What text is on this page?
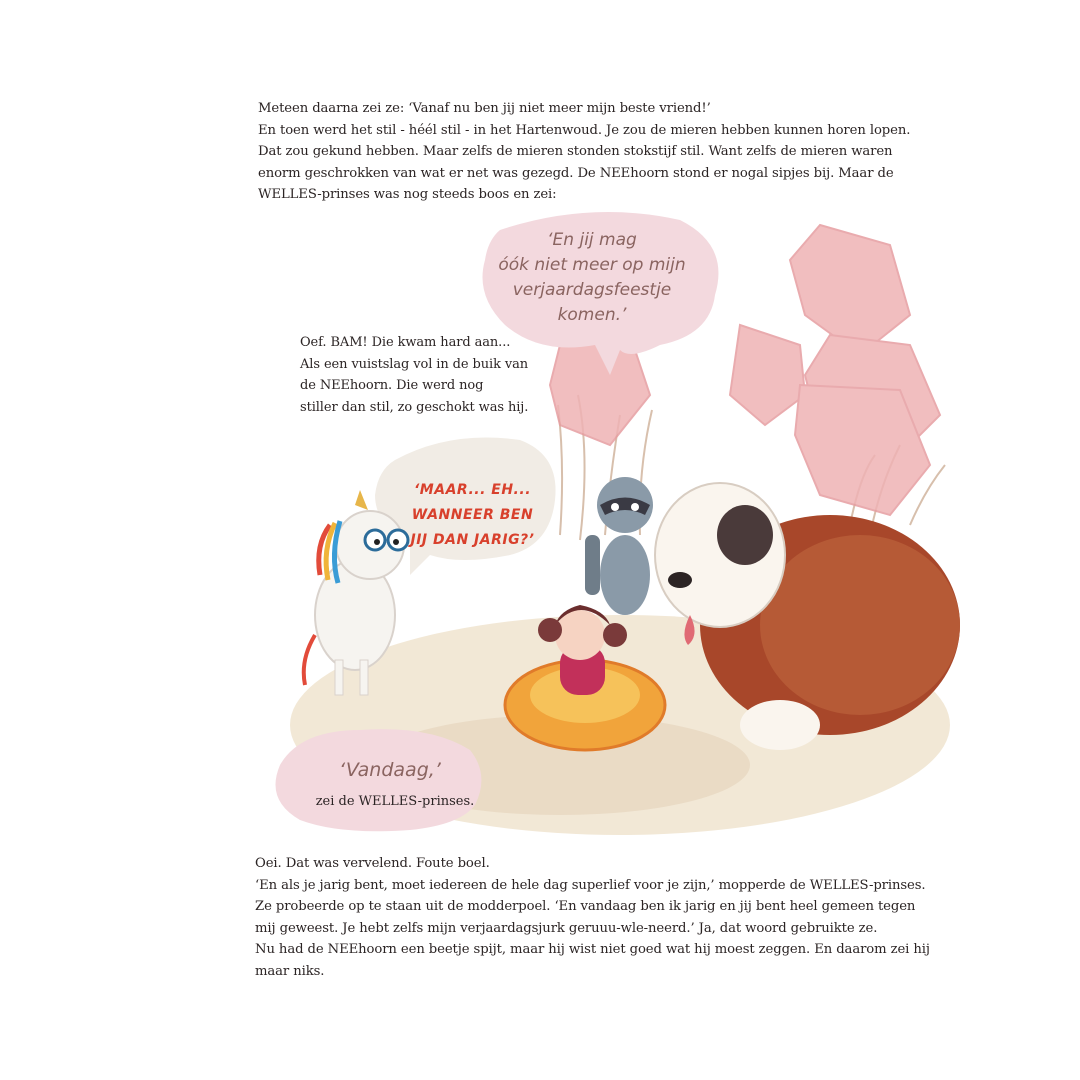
Meteen daarna zei ze: ‘Vanaf nu ben jij niet meer mijn beste vriend!’
En toen werd het stil - héél stil - in het Hartenwoud. Je zou de mieren hebben kunnen horen lopen.
Dat zou gekund hebben. Maar zelfs de mieren stonden stokstijf stil. Want zelfs de mieren waren
enorm geschrokken van wat er net was gezegd. De NEEhoorn stond er nogal sipjes bij. Maar de
WELLES-prinses was nog steeds boos en zei:
‘En jij mag
óók niet meer op mijn
verjaardagsfeestje
komen.’
Oef. BAM! Die kwam hard aan...
Als een vuistslag vol in de buik van
de NEEhoorn. Die werd nog
stiller dan stil, zo geschokt was hij.
‘MAAR... EH...
WANNEER BEN
JIJ DAN JARIG?’
‘Vandaag,’
zei de WELLES-prinses.
Oei. Dat was vervelend. Foute boel.
‘En als je jarig bent, moet iedereen de hele dag superlief voor je zijn,’ mopperde de WELLES-prinses.
Ze probeerde op te staan uit de modderpoel. ‘En vandaag ben ik jarig en jij bent heel gemeen tegen
mij geweest. Je hebt zelfs mijn verjaardagsjurk geruuu-wle-neerd.’ Ja, dat woord gebruikte ze.
Nu had de NEEhoorn een beetje spijt, maar hij wist niet goed wat hij moest zeggen. En daarom zei hij
maar niks.
